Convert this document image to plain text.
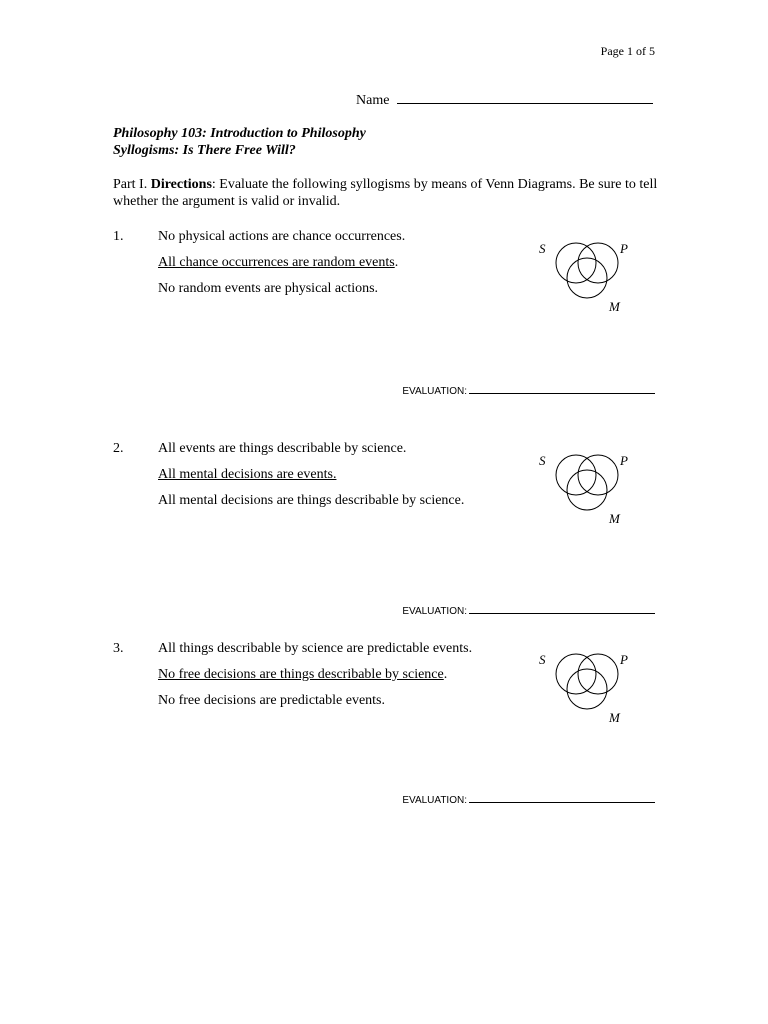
Page 1 of 5
Name
Philosophy 103: Introduction to Philosophy
Syllogisms: Is There Free Will?
Part I. Directions: Evaluate the following syllogisms by means of Venn Diagrams. Be sure to tell whether the argument is valid or invalid.
1. No physical actions are chance occurrences.
All chance occurrences are random events.
No random events are physical actions.
S	P
M
EVALUATION:
2. All events are things describable by science.
All mental decisions are events.
All mental decisions are things describable by science.
S	P
M
EVALUATION:
3. All things describable by science are predictable events.
No free decisions are things describable by science.
No free decisions are predictable events.
S	P
M
EVALUATION:
